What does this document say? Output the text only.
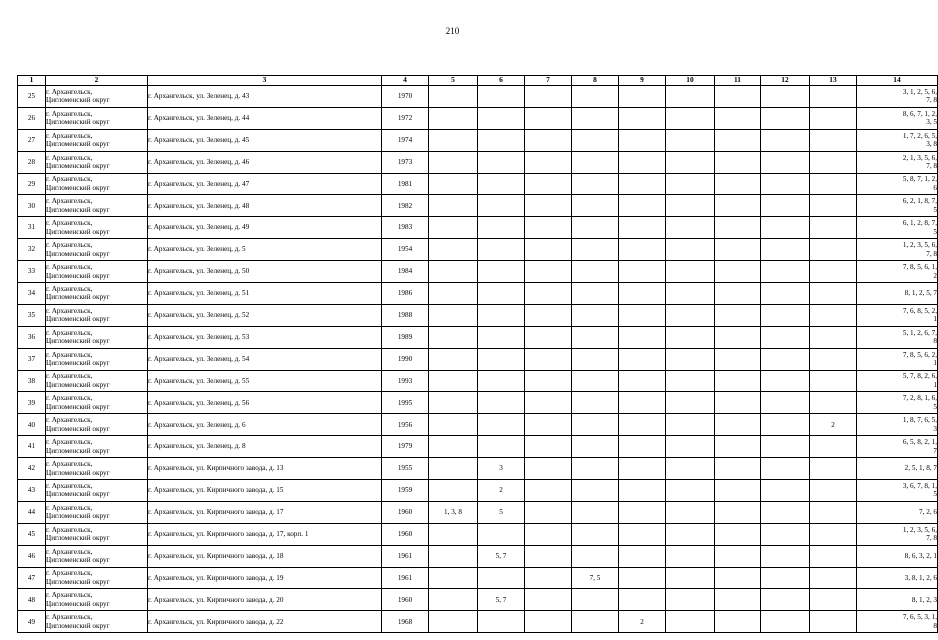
210
1	2	3	4	5	6	7	8	9	10	11	12	13	14
25	г. Архангельск,
Цигломенский округ	г. Архангельск, ул. Зеленец, д. 43	1970										3, 1, 2, 5, 6,
7, 8
26	г. Архангельск,
Цигломенский округ	г. Архангельск, ул. Зеленец, д. 44	1972										8, 6, 7, 1, 2,
3, 5
27	г. Архангельск,
Цигломенский округ	г. Архангельск, ул. Зеленец, д. 45	1974										1, 7, 2, 6, 5,
3, 8
28	г. Архангельск,
Цигломенский округ	г. Архангельск, ул. Зеленец, д. 46	1973										2, 1, 3, 5, 6,
7, 8
29	г. Архангельск,
Цигломенский округ	г. Архангельск, ул. Зеленец, д. 47	1981										5, 8, 7, 1, 2,
6
30	г. Архангельск,
Цигломенский округ	г. Архангельск, ул. Зеленец, д. 48	1982										6, 2, 1, 8, 7,
5
31	г. Архангельск,
Цигломенский округ	г. Архангельск, ул. Зеленец, д. 49	1983										6, 1, 2, 8, 7,
5
32	г. Архангельск,
Цигломенский округ	г. Архангельск, ул. Зеленец, д. 5	1954										1, 2, 3, 5, 6,
7, 8
33	г. Архангельск,
Цигломенский округ	г. Архангельск, ул. Зеленец, д. 50	1984										7, 8, 5, 6, 1,
2
34	г. Архангельск,
Цигломенский округ	г. Архангельск, ул. Зеленец, д. 51	1986										8, 1, 2, 5, 7
35	г. Архангельск,
Цигломенский округ	г. Архангельск, ул. Зеленец, д. 52	1988										7, 6, 8, 5, 2,
1
36	г. Архангельск,
Цигломенский округ	г. Архангельск, ул. Зеленец, д. 53	1989										5, 1, 2, 6, 7,
8
37	г. Архангельск,
Цигломенский округ	г. Архангельск, ул. Зеленец, д. 54	1990										7, 8, 5, 6, 2,
1
38	г. Архангельск,
Цигломенский округ	г. Архангельск, ул. Зеленец, д. 55	1993										5, 7, 8, 2, 6,
1
39	г. Архангельск,
Цигломенский округ	г. Архангельск, ул. Зеленец, д. 56	1995										7, 2, 8, 1, 6,
5
40	г. Архангельск,
Цигломенский округ	г. Архангельск, ул. Зеленец, д. 6	1956									2	1, 8, 7, 6, 5,
3
41	г. Архангельск,
Цигломенский округ	г. Архангельск, ул. Зеленец, д. 8	1979										6, 5, 8, 2, 1,
7
42	г. Архангельск,
Цигломенский округ	г. Архангельск, ул. Кирпичного завода, д. 13	1955		3								2, 5, 1, 8, 7
43	г. Архангельск,
Цигломенский округ	г. Архангельск, ул. Кирпичного завода, д. 15	1959		2								3, 6, 7, 8, 1,
5
44	г. Архангельск,
Цигломенский округ	г. Архангельск, ул. Кирпичного завода, д. 17	1960	1, 3, 8	5								7, 2, 6
45	г. Архангельск,
Цигломенский округ	г. Архангельск, ул. Кирпичного завода, д. 17, корп. 1	1960										1, 2, 3, 5, 6,
7, 8
46	г. Архангельск,
Цигломенский округ	г. Архангельск, ул. Кирпичного завода, д. 18	1961		5, 7								8, 6, 3, 2, 1
47	г. Архангельск,
Цигломенский округ	г. Архангельск, ул. Кирпичного завода, д. 19	1961				7, 5						3, 8, 1, 2, 6
48	г. Архангельск,
Цигломенский округ	г. Архангельск, ул. Кирпичного завода, д. 20	1960		5, 7								8, 1, 2, 3
49	г. Архангельск,
Цигломенский округ	г. Архангельск, ул. Кирпичного завода, д. 22	1968					2					7, 6, 5, 3, 1,
8
